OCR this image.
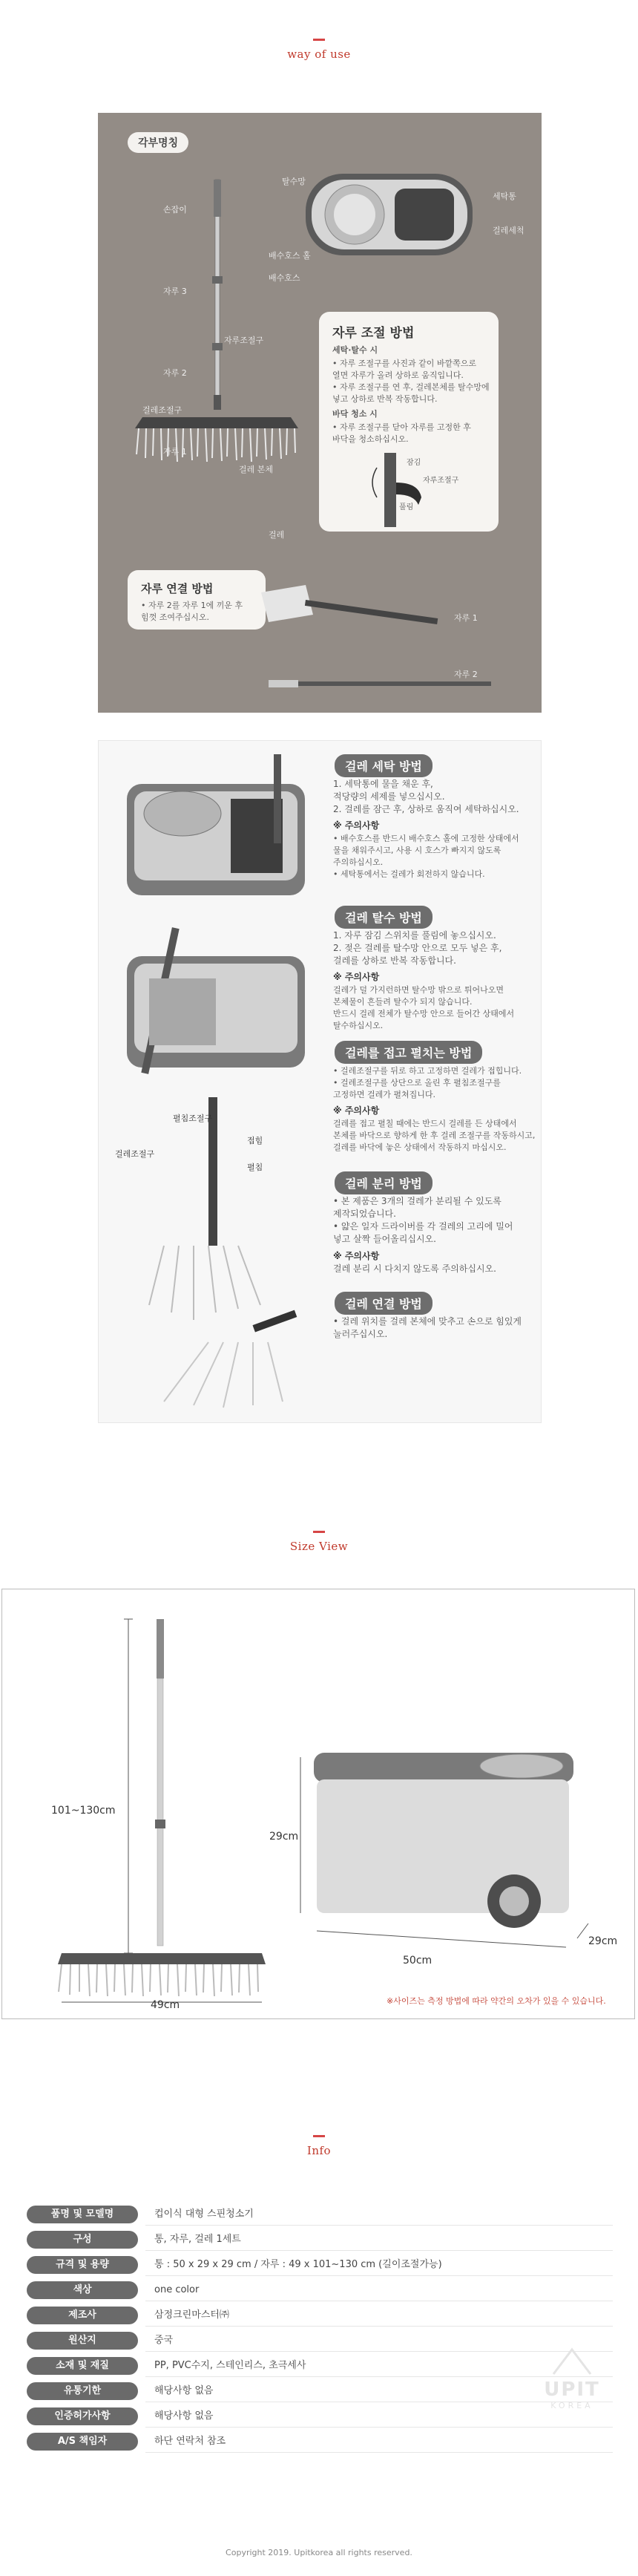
way of use
각부명칭
손잡이
자루 3
자루조절구
자루 2
걸레조절구
자루 1
걸레 본체
걸레
탈수망
세탁통
걸레세척
배수호스 홀
배수호스
자루 조절 방법
세탁·탈수 시
• 자루 조절구를 사진과 같이 바깥쪽으로
열면 자루가 올려 상하로 움직입니다.
• 자루 조절구를 연 후, 걸레본체를 탈수망에
넣고 상하로 반복 작동합니다.
바닥 청소 시
• 자루 조절구를 닫아 자루를 고정한 후
바닥을 청소하십시오.
잠김
자루조절구
풀림
자루 연결 방법
• 자루 2를 자루 1에 끼운 후
힘껏 조여주십시오.	자루 1
자루 2
펼침조절구
접힘
펼침
걸레조절구
걸레 세탁 방법
1. 세탁통에 물을 채운 후,
적당량의 세제를 넣으십시오.
2. 걸레를 잠근 후, 상하로 움직여 세탁하십시오.
※ 주의사항
• 배수호스를 반드시 배수호스 홀에 고정한 상태에서
물을 채워주시고, 사용 시 호스가 빠지지 않도록
주의하십시오.
• 세탁통에서는 걸레가 회전하지 않습니다.
걸레 탈수 방법
1. 자루 잠김 스위치를 풀림에 놓으십시오.
2. 젖은 걸레를 탈수망 안으로 모두 넣은 후,
걸레를 상하로 반복 작동합니다.
※ 주의사항
걸레가 덜 가지런하면 탈수망 밖으로 튀어나오면
본체물이 흔들려 탈수가 되지 않습니다.
반드시 걸레 전체가 탈수망 안으로 들어간 상태에서
탈수하십시오.
걸레를 접고 펼치는 방법
• 걸레조절구를 뒤로 하고 고정하면 걸레가 접힙니다.
• 걸레조절구를 상단으로 올린 후 펼침조절구를
고정하면 걸레가 펼쳐집니다.
※ 주의사항
걸레를 접고 펼칠 때에는 반드시 걸레를 든 상태에서
본체를 바닥으로 향하게 한 후 걸레 조절구를 작동하시고,
걸레를 바닥에 놓은 상태에서 작동하지 마십시오.
걸레 분리 방법
• 본 제품은 3개의 걸레가 분리될 수 있도록
제작되었습니다.
• 얇은 일자 드라이버를 각 걸레의 고리에 밀어
넣고 살짝 들어올리십시오.
※ 주의사항
걸레 분리 시 다치지 않도록 주의하십시오.
걸레 연결 방법
• 걸레 위치를 걸레 본체에 맞추고 손으로 힘있게
눌러주십시오.
Size View
101~130cm
49cm
29cm
50cm
29cm
※사이즈는 측정 방법에 따라 약간의 오차가 있을 수 있습니다.
Info
품명 및 모델명	컵이식 대형 스핀청소기
구성	통, 자루, 걸레 1세트
규격 및 용량	통 : 50 x 29 x 29 cm / 자루 : 49 x 101~130 cm (길이조절가능)
색상	one color
제조사	삼정크린마스터㈜
원산지	중국
소재 및 재질	PP, PVC수지, 스테인리스, 초극세사
유통기한	해당사항 없음
인증허가사항	해당사항 없음
A/S 책임자	하단 연락처 참조
UPIT
KOREA
Copyright 2019. Upitkorea all rights reserved.
